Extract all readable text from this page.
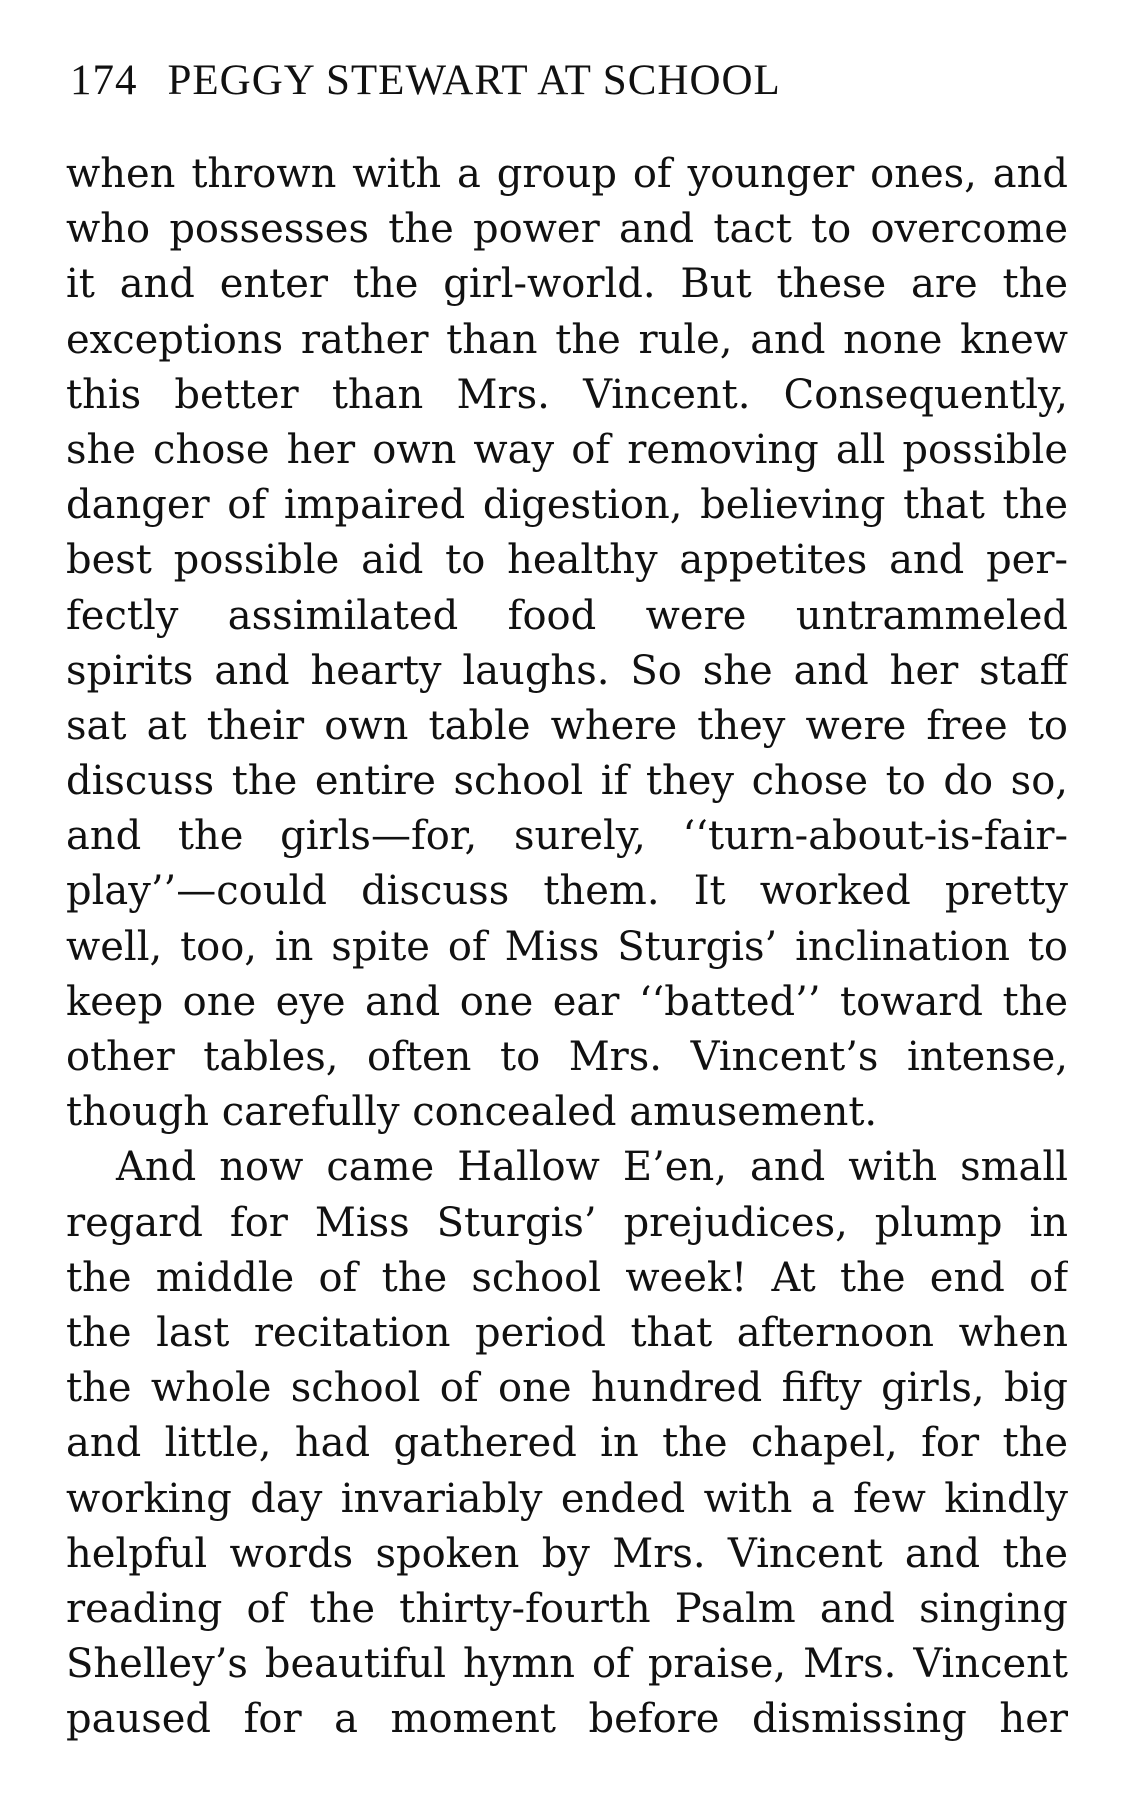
174 PEGGY STEWART AT SCHOOL
when thrown with a group of younger ones, and
who possesses the power and tact to overcome
it and enter the girl-world. But these are the
exceptions rather than the rule, and none knew
this better than Mrs. Vincent. Consequently,
she chose her own way of removing all possible
danger of impaired digestion, believing that the
best possible aid to healthy appetites and per-
fectly assimilated food were untrammeled
spirits and hearty laughs. So she and her staff
sat at their own table where they were free to
discuss the entire school if they chose to do so,
and the girls—for, surely, ‘‘turn-about-is-fair-
play’’—could discuss them. It worked pretty
well, too, in spite of Miss Sturgis’ inclination to
keep one eye and one ear ‘‘batted’’ toward the
other tables, often to Mrs. Vincent’s intense,
though carefully concealed amusement.
And now came Hallow E’en, and with small
regard for Miss Sturgis’ prejudices, plump in
the middle of the school week! At the end of
the last recitation period that afternoon when
the whole school of one hundred fifty girls, big
and little, had gathered in the chapel, for the
working day invariably ended with a few kindly
helpful words spoken by Mrs. Vincent and the
reading of the thirty-fourth Psalm and singing
Shelley’s beautiful hymn of praise, Mrs. Vincent
paused for a moment before dismissing her
